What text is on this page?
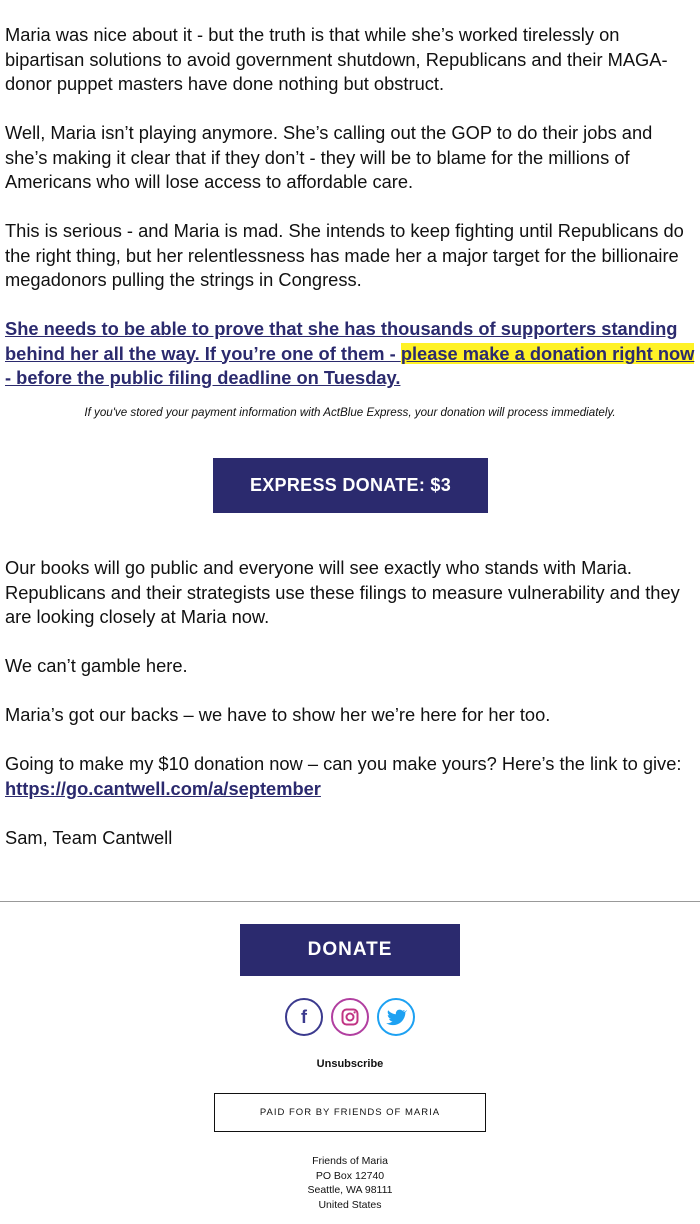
Maria was nice about it - but the truth is that while she’s worked tirelessly on bipartisan solutions to avoid government shutdown, Republicans and their MAGA-donor puppet masters have done nothing but obstruct.

Well, Maria isn’t playing anymore. She’s calling out the GOP to do their jobs and she’s making it clear that if they don’t - they will be to blame for the millions of Americans who will lose access to affordable care.

This is serious - and Maria is mad. She intends to keep fighting until Republicans do the right thing, but her relentlessness has made her a major target for the billionaire megadonors pulling the strings in Congress.

She needs to be able to prove that she has thousands of supporters standing behind her all the way. If you’re one of them - please make a donation right now - before the public filing deadline on Tuesday.

If you've stored your payment information with ActBlue Express, your donation will process immediately.
EXPRESS DONATE: $3

Our books will go public and everyone will see exactly who stands with Maria. Republicans and their strategists use these filings to measure vulnerability and they are looking closely at Maria now.

We can’t gamble here.

Maria’s got our backs – we have to show her we’re here for her too.

Going to make my $10 donation now – can you make yours? Here’s the link to give:
https://go.cantwell.com/a/september

Sam, Team Cantwell

DONATE
f
Unsubscribe
PAID FOR BY FRIENDS OF MARIA
Friends of Maria
PO Box 12740
Seattle, WA 98111
United States
